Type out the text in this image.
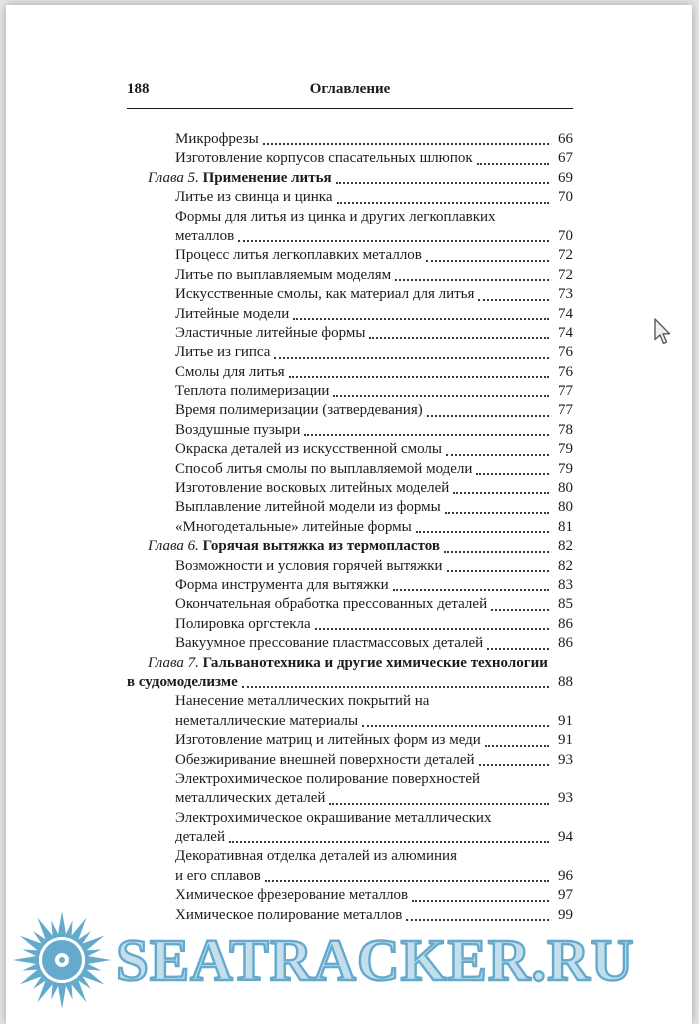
188	Оглавление
Микрофрезы	66
Изготовление корпусов спасательных шлюпок	67
Глава 5. Применение литья	69
Литье из свинца и цинка	70
Формы для литья из цинка и других легкоплавких
металлов	70
Процесс литья легкоплавких металлов	72
Литье по выплавляемым моделям	72
Искусственные смолы, как материал для литья	73
Литейные модели	74
Эластичные литейные формы	74
Литье из гипса	76
Смолы для литья	76
Теплота полимеризации	77
Время полимеризации (затвердевания)	77
Воздушные пузыри	78
Окраска деталей из искусственной смолы	79
Способ литья смолы по выплавляемой модели	79
Изготовление восковых литейных моделей	80
Выплавление литейной модели из формы	80
«Многодетальные» литейные формы	81
Глава 6. Горячая вытяжка из термопластов	82
Возможности и условия горячей вытяжки	82
Форма инструмента для вытяжки	83
Окончательная обработка прессованных деталей	85
Полировка оргстекла	86
Вакуумное прессование пластмассовых деталей	86
Глава 7. Гальванотехника и другие химические технологии
в судомоделизме	88
Нанесение металлических покрытий на
неметаллические материалы	91
Изготовление матриц и литейных форм из меди	91
Обезжиривание внешней поверхности деталей	93
Электрохимическое полирование поверхностей
металлических деталей	93
Электрохимическое окрашивание металлических
деталей	94
Декоративная отделка деталей из алюминия
и его сплавов	96
Химическое фрезерование металлов	97
Химическое полирование металлов	99
SEATRACKER.RU
